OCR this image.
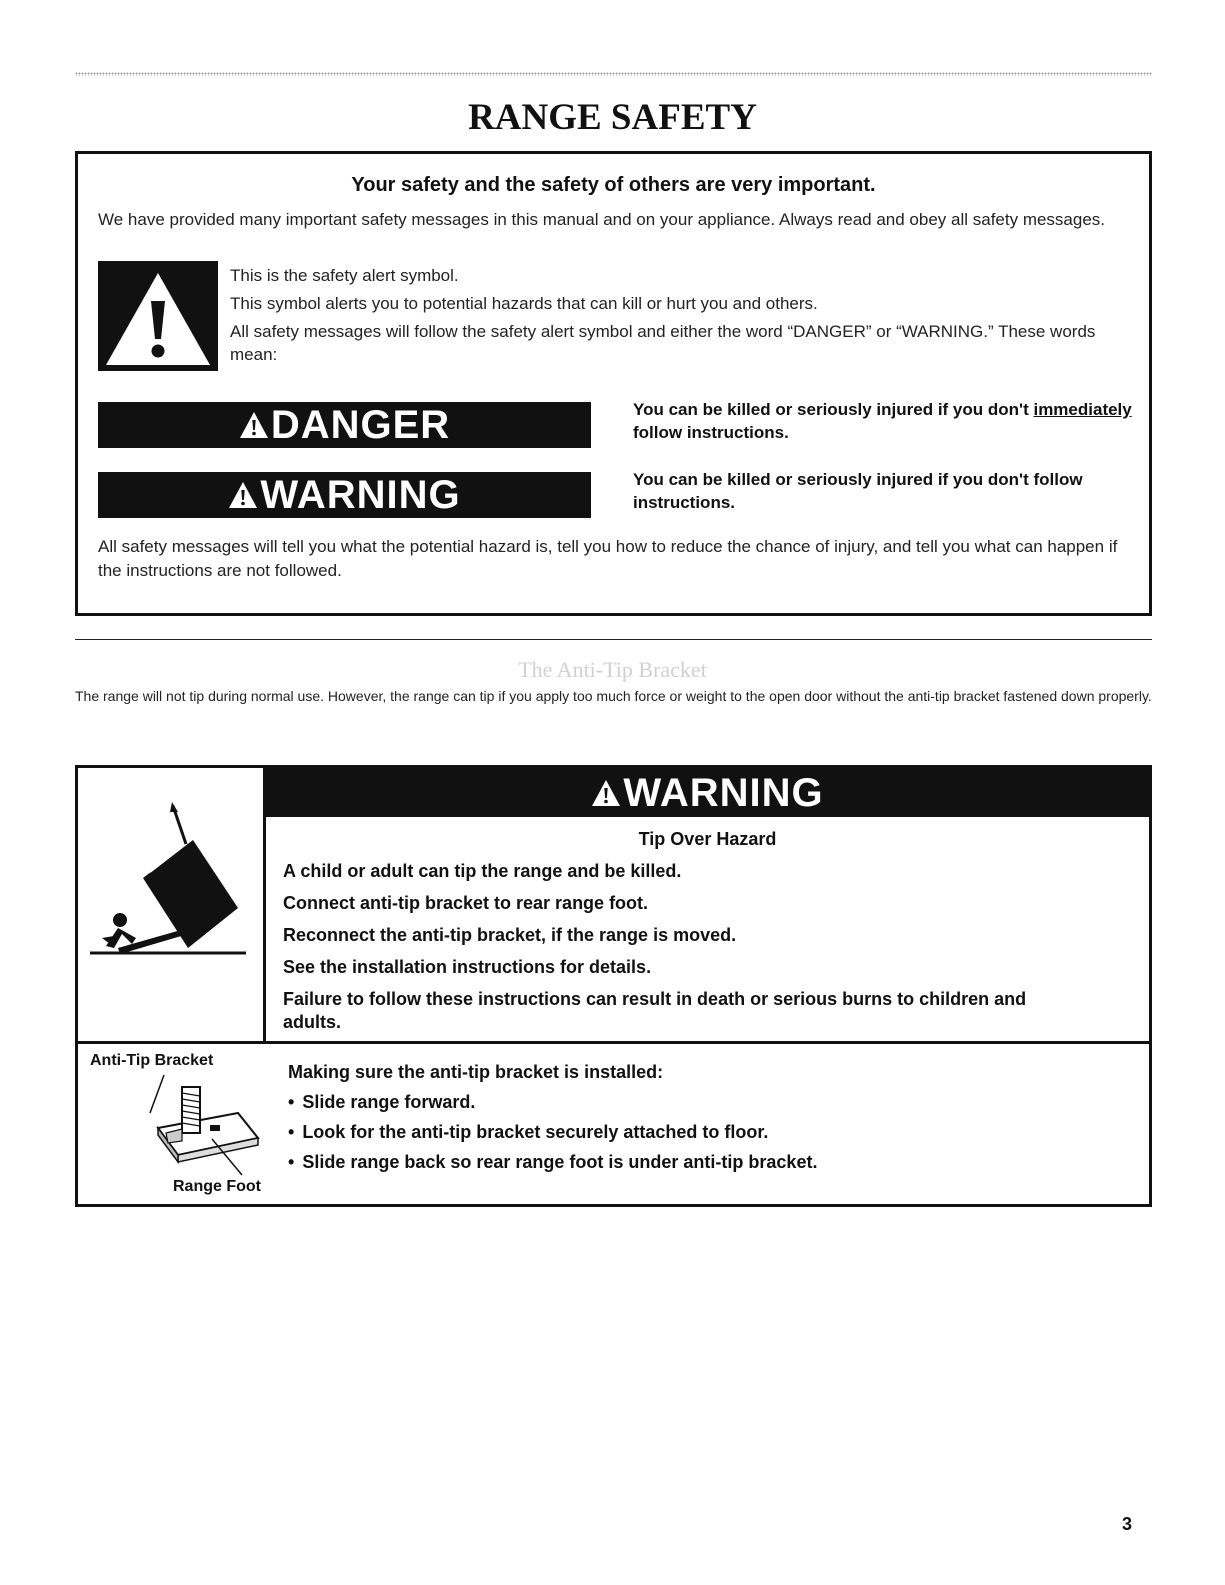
RANGE SAFETY
Your safety and the safety of others are very important.

We have provided many important safety messages in this manual and on your appliance. Always read and obey all safety messages.

This is the safety alert symbol.

This symbol alerts you to potential hazards that can kill or hurt you and others.

All safety messages will follow the safety alert symbol and either the word “DANGER” or “WARNING.” These words mean:

DANGER	You can be killed or seriously injured if you don't immediately follow instructions.

WARNING	You can be killed or seriously injured if you don't follow instructions.

All safety messages will tell you what the potential hazard is, tell you how to reduce the chance of injury, and tell you what can happen if the instructions are not followed.

The Anti-Tip Bracket

The range will not tip during normal use. However, the range can tip if you apply too much force or weight to the open door without the anti-tip bracket fastened down properly.

WARNING
Tip Over Hazard

A child or adult can tip the range and be killed.

Connect anti-tip bracket to rear range foot.

Reconnect the anti-tip bracket, if the range is moved.

See the installation instructions for details.

Failure to follow these instructions can result in death or serious burns to children and adults.

Anti-Tip Bracket

Range Foot

Making sure the anti-tip bracket is installed:

• Slide range forward.
• Look for the anti-tip bracket securely attached to floor.
• Slide range back so rear range foot is under anti-tip bracket.

3
